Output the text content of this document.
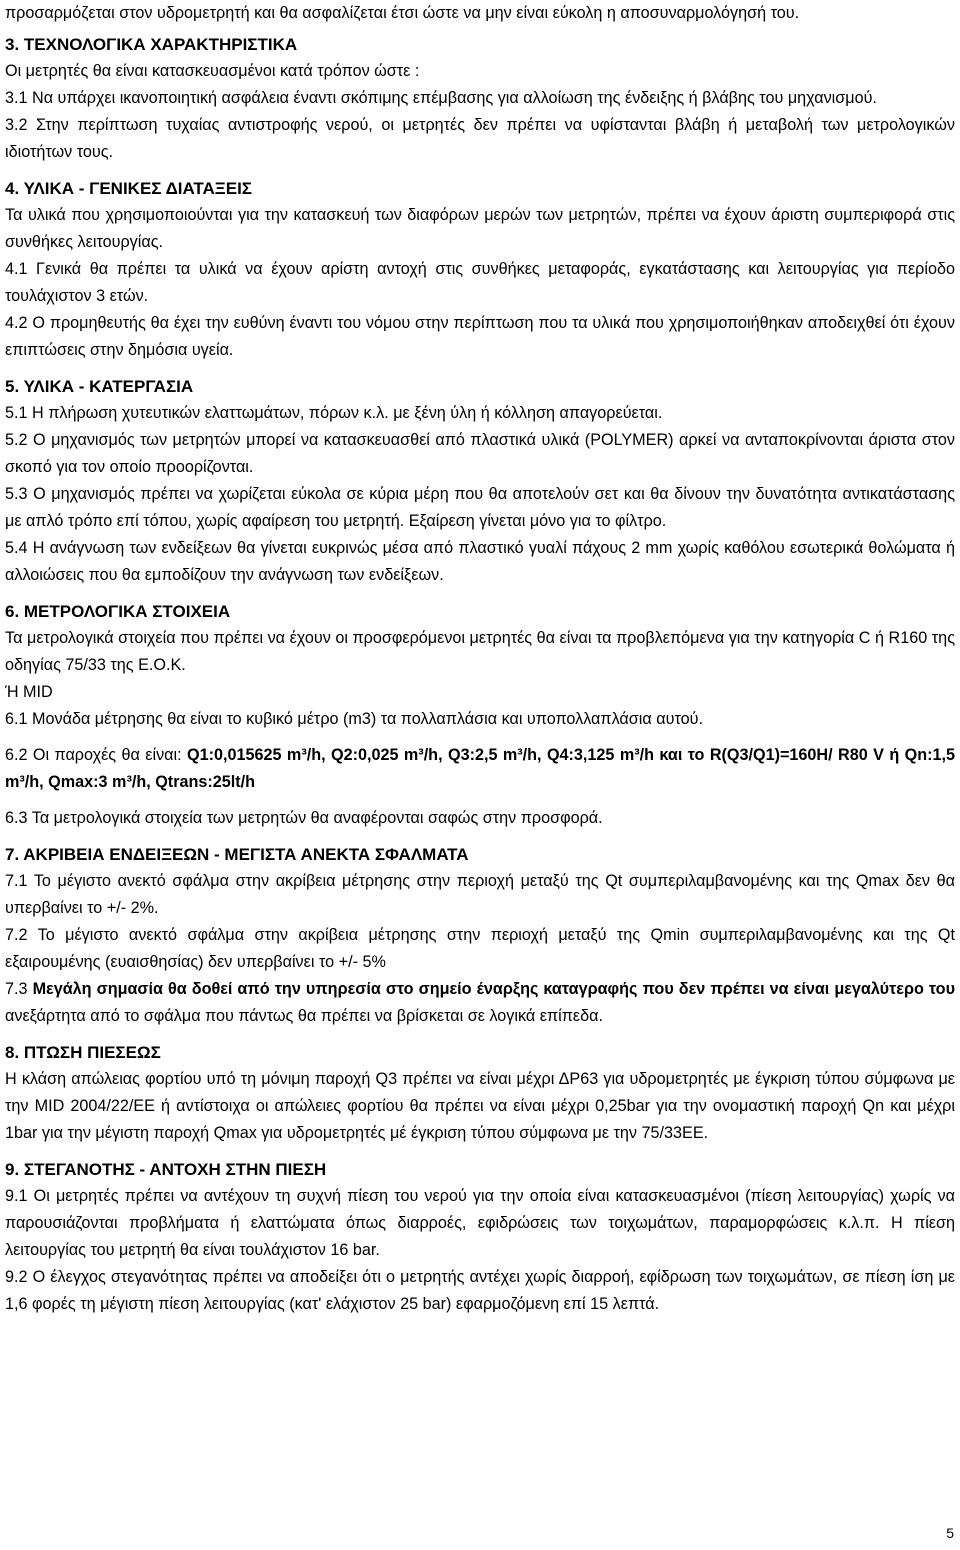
προσαρμόζεται στον υδρομετρητή και θα ασφαλίζεται έτσι ώστε να μην είναι εύκολη η αποσυναρμολόγησή του.

3. ΤΕΧΝΟΛΟΓΙΚΑ ΧΑΡΑΚΤΗΡΙΣΤΙΚΑ

Οι μετρητές θα είναι κατασκευασμένοι κατά τρόπον ώστε :

3.1 Να υπάρχει ικανοποιητική ασφάλεια έναντι σκόπιμης επέμβασης για αλλοίωση της ένδειξης ή βλάβης του μηχανισμού.

3.2 Στην περίπτωση τυχαίας αντιστροφής νερού, οι μετρητές δεν πρέπει να υφίστανται βλάβη ή μεταβολή των μετρολογικών ιδιοτήτων τους.

4. ΥΛΙΚΑ - ΓΕΝΙΚΕΣ ΔΙΑΤΑΞΕΙΣ

Τα υλικά που χρησιμοποιούνται για την κατασκευή των διαφόρων μερών των μετρητών, πρέπει να έχουν άριστη συμπεριφορά στις συνθήκες λειτουργίας.

4.1 Γενικά θα πρέπει τα υλικά να έχουν αρίστη αντοχή στις συνθήκες μεταφοράς, εγκατάστασης και λειτουργίας για περίοδο τουλάχιστον 3 ετών.

4.2 Ο προμηθευτής θα έχει την ευθύνη έναντι του νόμου στην περίπτωση που τα υλικά που χρησιμοποιήθηκαν αποδειχθεί ότι έχουν επιπτώσεις στην δημόσια υγεία.

5. ΥΛΙΚΑ - ΚΑΤΕΡΓΑΣΙΑ

5.1 Η πλήρωση χυτευτικών ελαττωμάτων, πόρων κ.λ. με ξένη ύλη ή κόλληση απαγορεύεται.

5.2 Ο μηχανισμός των μετρητών μπορεί να κατασκευασθεί από πλαστικά υλικά (POLYMER) αρκεί να ανταποκρίνονται άριστα στον σκοπό για τον οποίο προορίζονται.

5.3 Ο μηχανισμός πρέπει να χωρίζεται εύκολα σε κύρια μέρη που θα αποτελούν σετ και θα δίνουν την δυνατότητα αντικατάστασης με απλό τρόπο επί τόπου, χωρίς αφαίρεση του μετρητή. Εξαίρεση γίνεται μόνο για το φίλτρο.

5.4 Η ανάγνωση των ενδείξεων θα γίνεται ευκρινώς μέσα από πλαστικό γυαλί πάχους 2 mm χωρίς καθόλου εσωτερικά θολώματα ή αλλοιώσεις που θα εμποδίζουν την ανάγνωση των ενδείξεων.

6. ΜΕΤΡΟΛΟΓΙΚΑ ΣΤΟΙΧΕΙΑ

Τα μετρολογικά στοιχεία που πρέπει να έχουν οι προσφερόμενοι μετρητές θα είναι τα προβλεπόμενα για την κατηγορία C ή R160 της οδηγίας 75/33 της Ε.Ο.Κ.

Ή MID

6.1 Μονάδα μέτρησης θα είναι το κυβικό μέτρο (m3) τα πολλαπλάσια και υποπολλαπλάσια αυτού.

6.2 Οι παροχές θα είναι: Q1:0,015625 m³/h, Q2:0,025 m³/h, Q3:2,5 m³/h, Q4:3,125 m³/h και το R(Q3/Q1)=160H/ R80 V ή Qn:1,5 m³/h, Qmax:3 m³/h, Qtrans:25lt/h

6.3 Τα μετρολογικά στοιχεία των μετρητών θα αναφέρονται σαφώς στην προσφορά.

7. ΑΚΡΙΒΕΙΑ ΕΝΔΕΙΞΕΩΝ - ΜΕΓΙΣΤΑ ΑΝΕΚΤΑ ΣΦΑΛΜΑΤΑ

7.1 Το μέγιστο ανεκτό σφάλμα στην ακρίβεια μέτρησης στην περιοχή μεταξύ της Qt συμπεριλαμβανομένης και της Qmax δεν θα υπερβαίνει το +/- 2%.

7.2 Το μέγιστο ανεκτό σφάλμα στην ακρίβεια μέτρησης στην περιοχή μεταξύ της Qmin συμπεριλαμβανομένης και της Qt εξαιρουμένης (ευαισθησίας) δεν υπερβαίνει το +/- 5%

7.3 Μεγάλη σημασία θα δοθεί από την υπηρεσία στο σημείο έναρξης καταγραφής που δεν πρέπει να είναι μεγαλύτερο του ανεξάρτητα από το σφάλμα που πάντως θα πρέπει να βρίσκεται σε λογικά επίπεδα.

8. ΠΤΩΣΗ ΠΙΕΣΕΩΣ

Η κλάση απώλειας φορτίου υπό τη μόνιμη παροχή Q3 πρέπει να είναι μέχρι ΔP63 για υδρομετρητές με έγκριση τύπου σύμφωνα με την MID 2004/22/ΕΕ ή αντίστοιχα οι απώλειες φορτίου θα πρέπει να είναι μέχρι 0,25bar για την ονομαστική παροχή Qn και μέχρι 1bar για την μέγιστη παροχή Qmax για υδρομετρητές μέ έγκριση τύπου σύμφωνα με την 75/33ΕΕ.

9. ΣΤΕΓΑΝΟΤΗΣ - ΑΝΤΟΧΗ ΣΤΗΝ ΠΙΕΣΗ

9.1 Οι μετρητές πρέπει να αντέχουν τη συχνή πίεση του νερού για την οποία είναι κατασκευασμένοι (πίεση λειτουργίας) χωρίς να παρουσιάζονται προβλήματα ή ελαττώματα όπως διαρροές, εφιδρώσεις των τοιχωμάτων, παραμορφώσεις κ.λ.π. Η πίεση λειτουργίας του μετρητή θα είναι τουλάχιστον 16 bar.

9.2 Ο έλεγχος στεγανότητας πρέπει να αποδείξει ότι ο μετρητής αντέχει χωρίς διαρροή, εφίδρωση των τοιχωμάτων, σε πίεση ίση με 1,6 φορές τη μέγιστη πίεση λειτουργίας (κατ' ελάχιστον 25 bar) εφαρμοζόμενη επί 15 λεπτά.

5
